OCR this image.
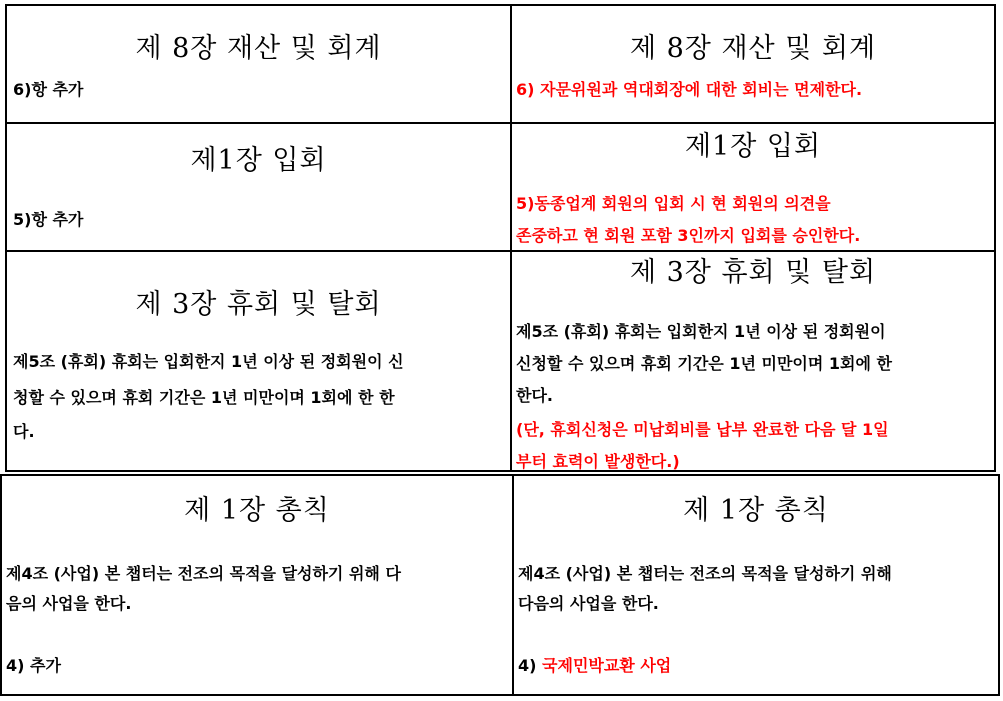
제 8장 재산 및 회계
6)항 추가
제 8장 재산 및 회계
6) 자문위원과 역대회장에 대한 회비는 면제한다.
제1장 입회
5)항 추가
제1장 입회
5)동종업계 회원의 입회 시 현 회원의 의견을
존중하고 현 회원 포함 3인까지 입회를 승인한다.
제 3장 휴회 및 탈회
제5조 (휴회) 휴회는 입회한지 1년 이상 된 정회원이 신
청할 수 있으며 휴회 기간은 1년 미만이며 1회에 한 한
다.
제 3장 휴회 및 탈회
제5조 (휴회) 휴회는 입회한지 1년 이상 된 정회원이
신청할 수 있으며 휴회 기간은 1년 미만이며 1회에 한
한다.
(단, 휴회신청은 미납회비를 납부 완료한 다음 달 1일
부터 효력이 발생한다.)
제 1장 총칙
제4조 (사업) 본 챕터는 전조의 목적을 달성하기 위해 다
음의 사업을 한다.
4) 추가
제 1장 총칙
제4조 (사업) 본 챕터는 전조의 목적을 달성하기 위해
다음의 사업을 한다.
4) 국제민박교환 사업
